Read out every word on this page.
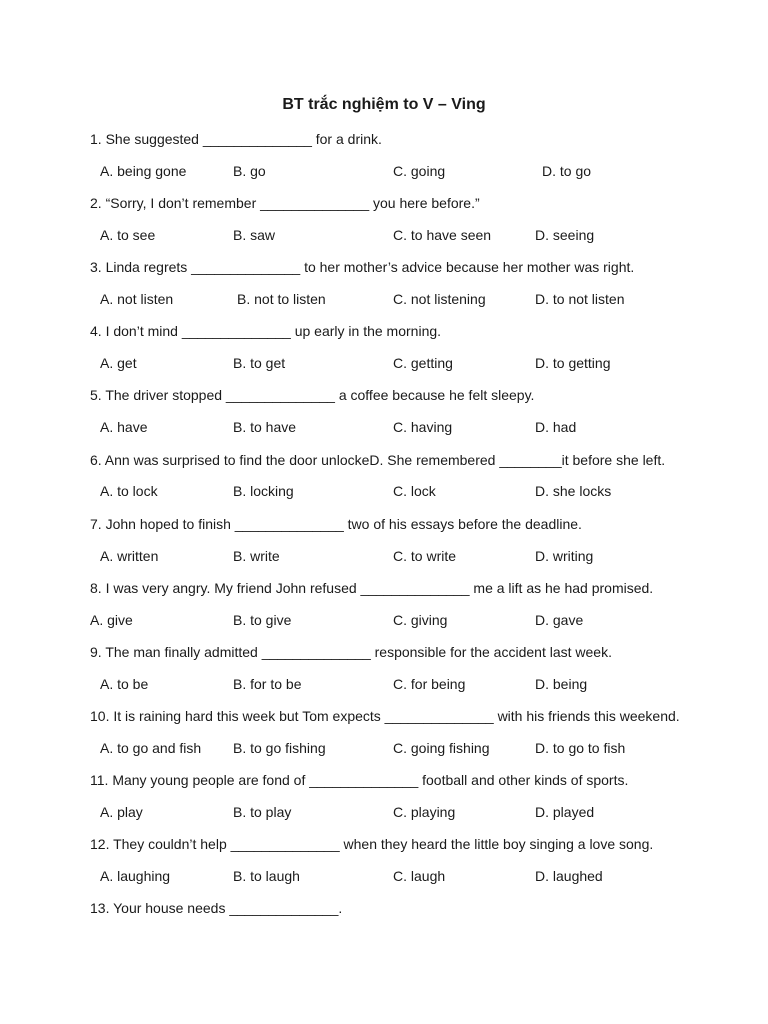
BT trắc nghiệm to V – Ving
1. She suggested ______________ for a drink.
A. being gone	B. go	C. going	D. to go
2. “Sorry, I don’t remember ______________ you here before.”
A. to see	B. saw	C. to have seen	D. seeing
3. Linda regrets ______________ to her mother’s advice because her mother was right.
A. not listen	B. not to listen	C. not listening	D. to not listen
4. I don’t mind ______________ up early in the morning.
A. get	B. to get	C. getting	D. to getting
5. The driver stopped ______________ a coffee because he felt sleepy.
A. have	B. to have	C. having	D. had
6. Ann was surprised to find the door unlockeD. She remembered ________it before she left.
A. to lock	B. locking	C. lock	D. she locks
7. John hoped to finish ______________ two of his essays before the deadline.
A. written	B. write	C. to write	D. writing
8. I was very angry. My friend John refused ______________ me a lift as he had promised.
A. give	B. to give	C. giving	D. gave
9. The man finally admitted ______________ responsible for the accident last week.
A. to be	B. for to be	C. for being	D. being
10. It is raining hard this week but Tom expects ______________ with his friends this weekend.
A. to go and fish B. to go fishing	C. going fishing	D. to go to fish
11. Many young people are fond of ______________ football and other kinds of sports.
A. play	B. to play	C. playing	D. played
12. They couldn’t help ______________ when they heard the little boy singing a love song.
A. laughing	B. to laugh	C. laugh	D. laughed
13. Your house needs ______________.
